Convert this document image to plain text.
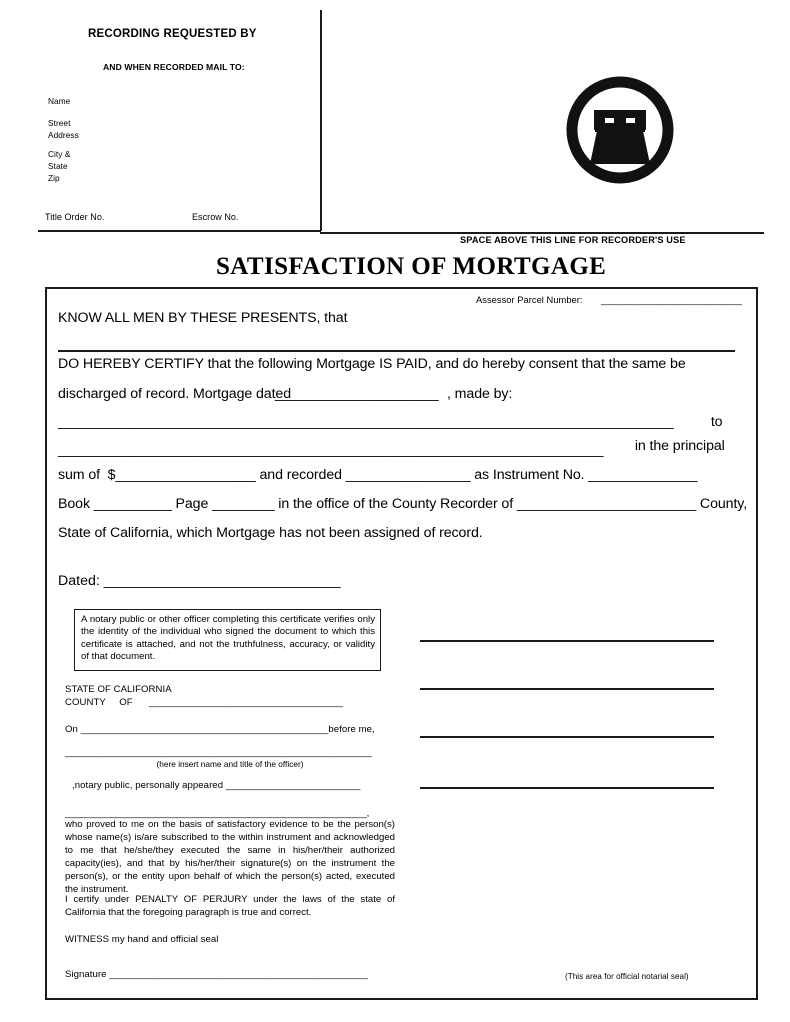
RECORDING REQUESTED BY
AND WHEN RECORDED MAIL TO:
Name
Street
Address
City &
State
Zip
Title Order No.	Escrow No.
SPACE ABOVE THIS LINE FOR RECORDER'S USE
SATISFACTION OF MORTGAGE
Assessor Parcel Number: ___________________________
KNOW ALL MEN BY THESE PRESENTS, that
DO HEREBY CERTIFY that the following Mortgage IS PAID, and do hereby consent that the same be
discharged of record. Mortgage dated
_____________________ , made by:
_______________________________________________________________________________ to
______________________________________________________________________ in the principal
sum of  $__________________ and recorded ________________ as Instrument No. ______________
Book __________ Page ________ in the office of the County Recorder of _______________________ County,
State of California, which Mortgage has not been assigned of record.
Dated: ______________________________
A notary public or other officer completing this certificate verifies only the identity of the individual who signed the document to which this certificate is attached, and not the truthfulness, accuracy, or validity of that document.
STATE OF CALIFORNIA
COUNTY     OF      ____________________________________
On ______________________________________________before me,
_________________________________________________________
(here insert name and title of the officer)
,notary public, personally appeared _________________________
________________________________________________________,
who proved to me on the basis of satisfactory evidence to be the person(s) whose name(s) is/are subscribed to the within instrument and acknowledged to me that he/she/they executed the same in his/her/their authorized capacity(ies), and that by his/her/their signature(s) on the instrument the person(s), or the entity upon behalf of which the person(s) acted, executed the instrument.
I certify under PENALTY OF PERJURY under the laws of the state of California that the foregoing paragraph is true and correct.
WITNESS my hand and official seal
Signature ________________________________________________	(This area for official notarial seal)
